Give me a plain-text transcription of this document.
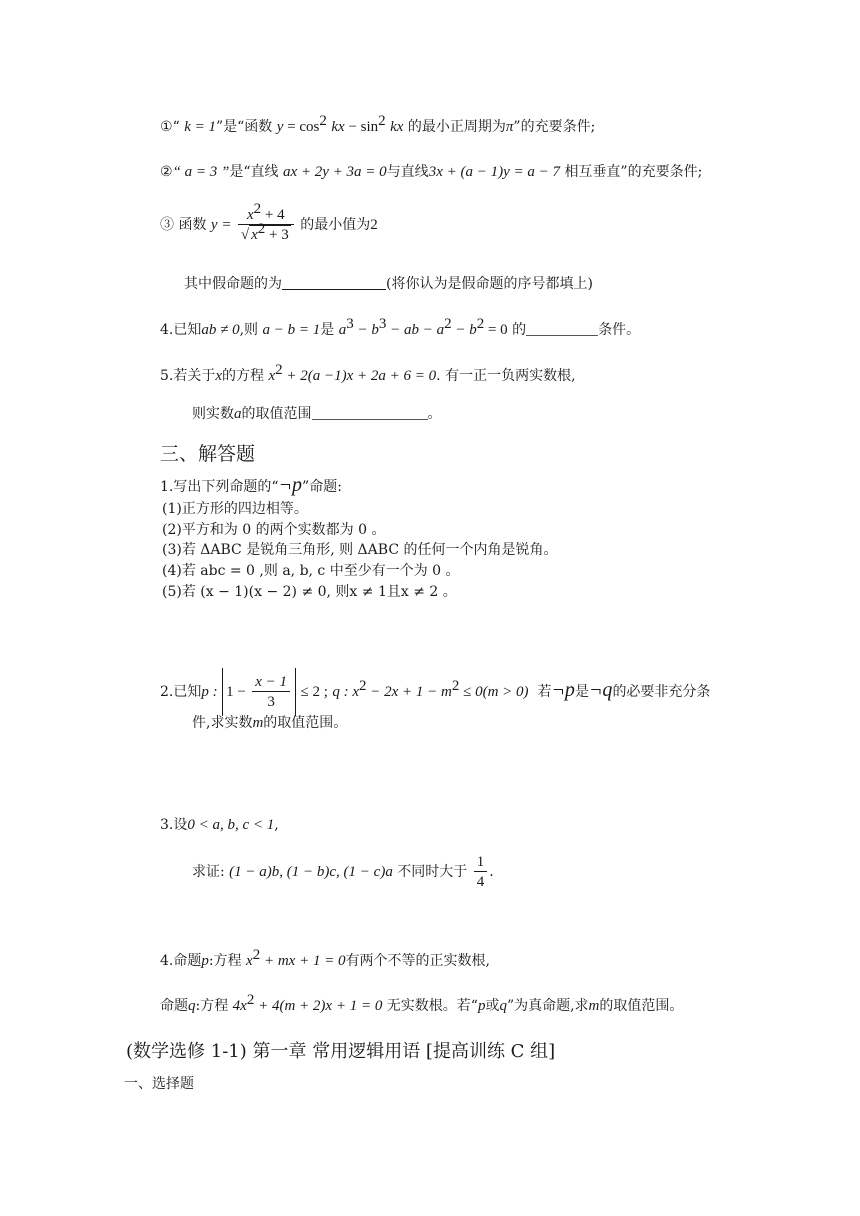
①“ k = 1”是“函数 $y = \cos^2$ kx − $\sin^2$ kx 的最小正周期为π”的充要条件;
②“ a = 3 ”是“直线 ax + 2y + 3a = 0与直线3x + (a − 1)y = a − 7 相互垂直”的充要条件;
③ 函数 $y = \frac{x^2 + 4}{√ x^2 + 3}$ 的最小值为2
其中假命题的为	(将你认为是假命题的序号都填上)
4.已知ab ≠ 0,则 a − b = 1是 $a^3 - b^3$ − ab − $a^2 - b^2 = 0$ 的	条件。
5.若关于x的方程 $x^2 + 2(a -1)x + 2a + 6 = 0$. 有一正一负两实数根,
则实数a的取值范围	。
三、解答题
1.写出下列命题的“¬p”命题:
(1)正方形的四边相等。
(2)平方和为 0 的两个实数都为 0 。
(3)若 ΔABC 是锐角三角形, 则 ΔABC 的任何一个内角是锐角。
(4)若 abc = 0 ,则 a, b, c 中至少有一个为 0 。
(5)若 (x − 1)(x − 2) ≠ 0, 则x ≠ 1且x ≠ 2 。
2.已知p : $1 - \frac{x - 1}{3} \le 2$ ; q : $x^2 - 2x + 1 - m^2 \le 0(m > 0)$ 若¬p是¬q的必要非充分条
件,求实数m的取值范围。
3.设0 < a, b, c < 1,
求证: (1 − a)b, (1 − b)c, (1 − c)a 不同时大于 $\frac{1}{4}$ .
4.命题p:方程 $x^2$ + mx + 1 = 0有两个不等的正实数根,
命题q:方程 $4x^2 + 4(m + 2)x + 1 = 0$ 无实数根。若“p或q”为真命题,求m的取值范围。
(数学选修 1-1) 第一章 常用逻辑用语 [提高训练 C 组]
一、选择题
